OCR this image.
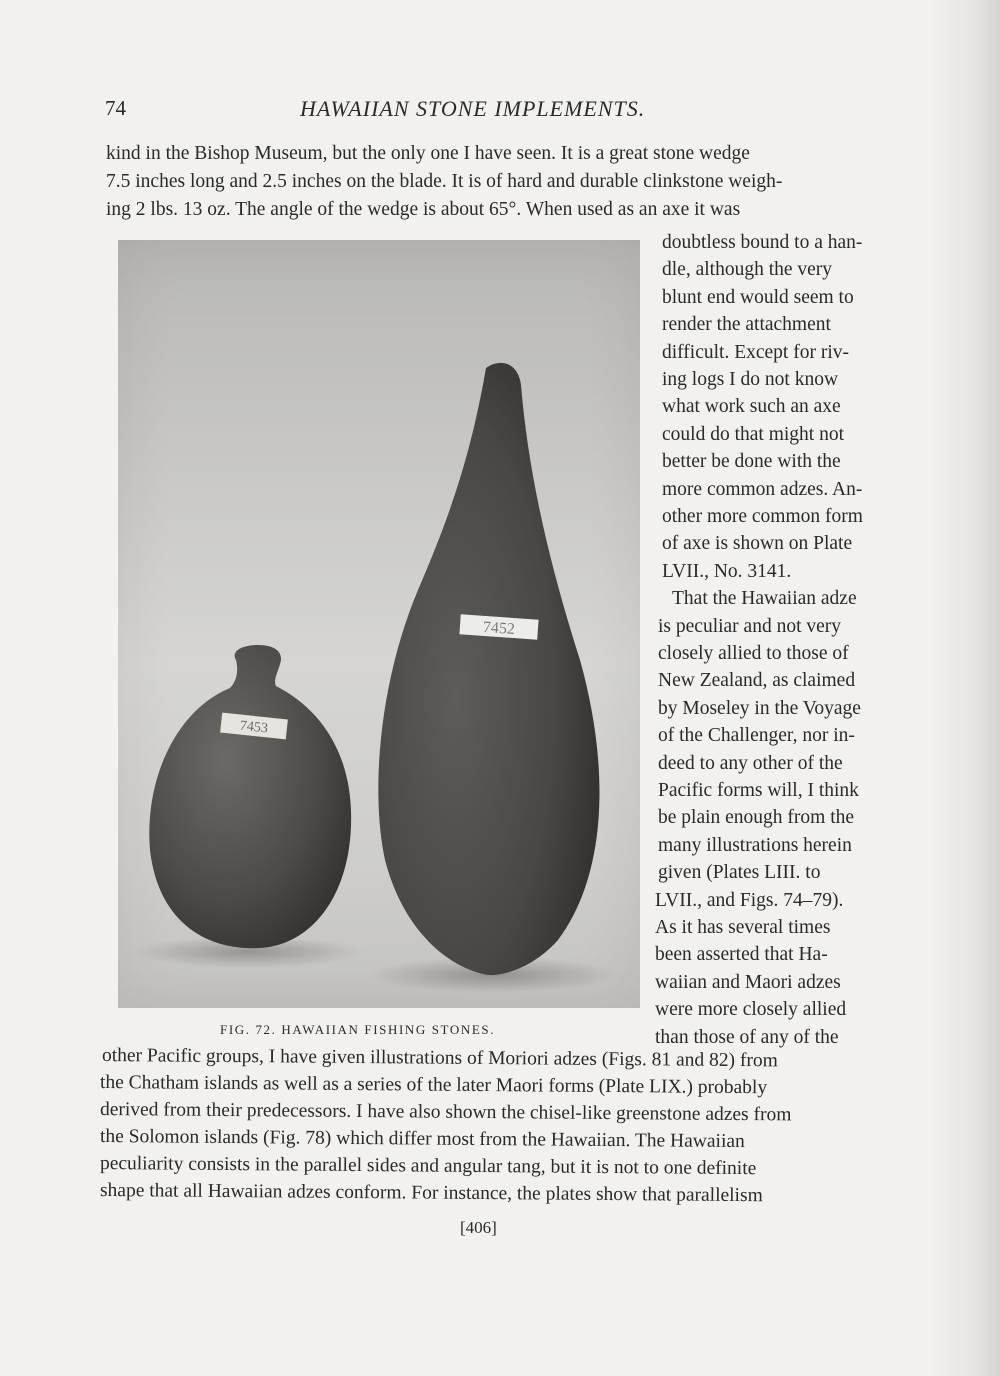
74	HAWAIIAN STONE IMPLEMENTS.
kind in the Bishop Museum, but the only one I have seen. It is a great stone wedge
7.5 inches long and 2.5 inches on the blade. It is of hard and durable clinkstone weigh-
ing 2 lbs. 13 oz. The angle of the wedge is about 65°. When used as an axe it was
doubtless bound to a han-
dle, although the very
blunt end would seem to
render the attachment
difficult. Except for riv-
ing logs I do not know
what work such an axe
could do that might not
better be done with the
more common adzes. An-
other more common form
of axe is shown on Plate
LVII., No. 3141.
That the Hawaiian adze
is peculiar and not very
closely allied to those of
New Zealand, as claimed
by Moseley in the Voyage
of the Challenger, nor in-
deed to any other of the
Pacific forms will, I think
be plain enough from the
many illustrations herein
given (Plates LIII. to
LVII., and Figs. 74–79).
As it has several times
been asserted that Ha-
waiian and Maori adzes
were more closely allied
than those of any of the
7453
7452
FIG. 72. HAWAIIAN FISHING STONES.
other Pacific groups, I have given illustrations of Moriori adzes (Figs. 81 and 82) from
the Chatham islands as well as a series of the later Maori forms (Plate LIX.) probably
derived from their predecessors. I have also shown the chisel-like greenstone adzes from
the Solomon islands (Fig. 78) which differ most from the Hawaiian. The Hawaiian
peculiarity consists in the parallel sides and angular tang, but it is not to one definite
shape that all Hawaiian adzes conform. For instance, the plates show that parallelism
[406]
